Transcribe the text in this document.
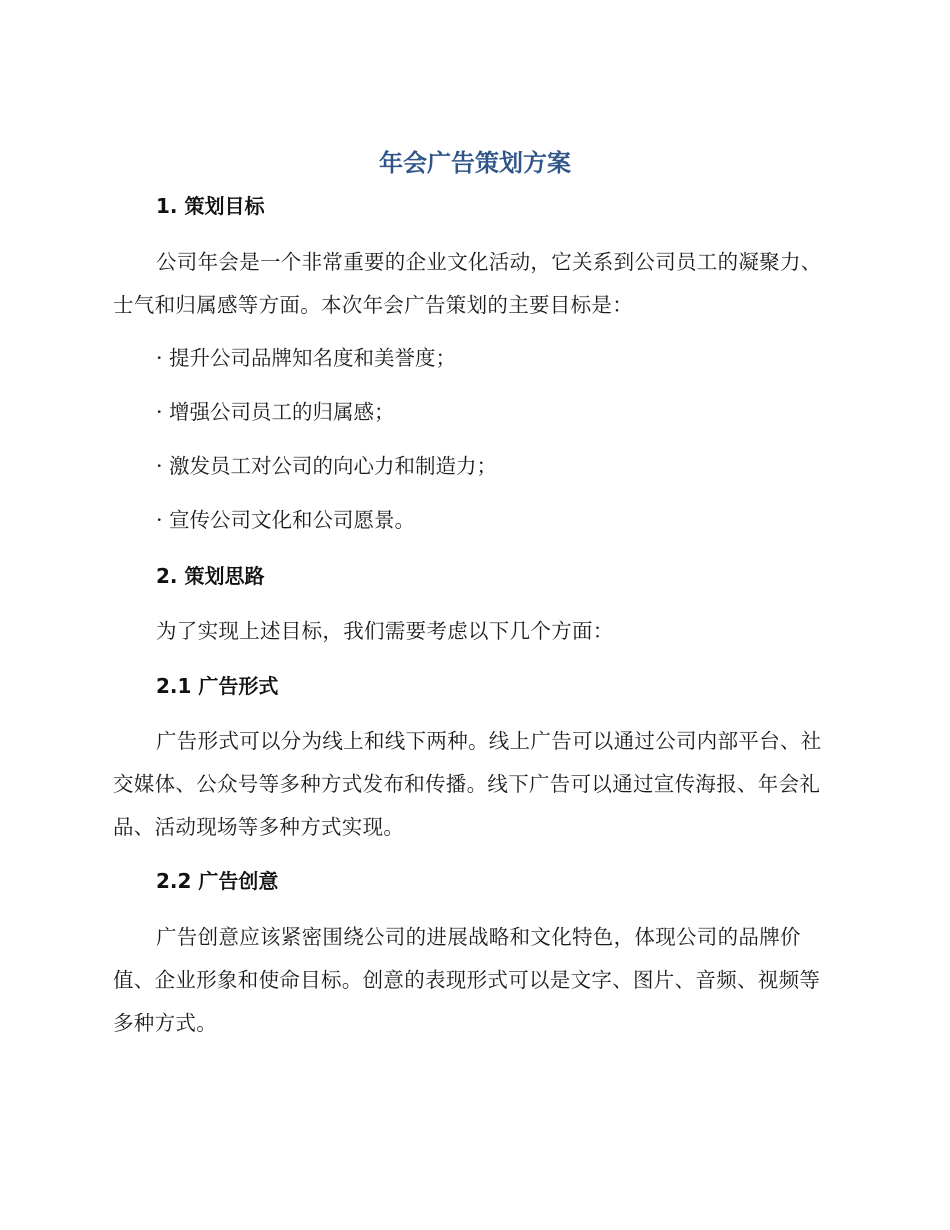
年会广告策划方案
1. 策划目标
公司年会是一个非常重要的企业文化活动，它关系到公司员工的凝聚力、士气和归属感等方面。本次年会广告策划的主要目标是：
· 提升公司品牌知名度和美誉度；
· 增强公司员工的归属感；
· 激发员工对公司的向心力和制造力；
· 宣传公司文化和公司愿景。
2. 策划思路
为了实现上述目标，我们需要考虑以下几个方面：
2.1 广告形式
广告形式可以分为线上和线下两种。线上广告可以通过公司内部平台、社交媒体、公众号等多种方式发布和传播。线下广告可以通过宣传海报、年会礼品、活动现场等多种方式实现。
2.2 广告创意
广告创意应该紧密围绕公司的进展战略和文化特色，体现公司的品牌价值、企业形象和使命目标。创意的表现形式可以是文字、图片、音频、视频等多种方式。
